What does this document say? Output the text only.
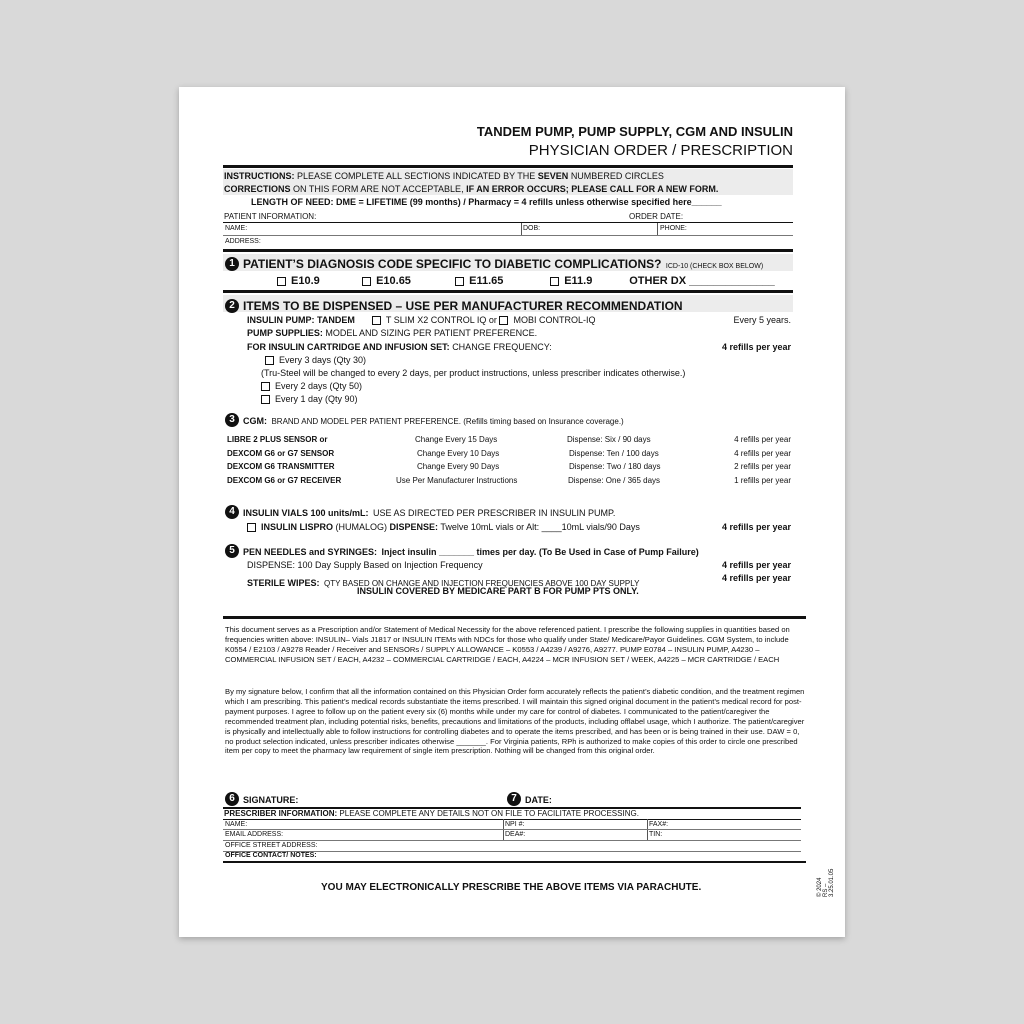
TANDEM PUMP, PUMP SUPPLY, CGM AND INSULIN
PHYSICIAN ORDER / PRESCRIPTION
INSTRUCTIONS: PLEASE COMPLETE ALL SECTIONS INDICATED BY THE SEVEN NUMBERED CIRCLES
CORRECTIONS ON THIS FORM ARE NOT ACCEPTABLE, IF AN ERROR OCCURS; PLEASE CALL FOR A NEW FORM.
LENGTH OF NEED: DME = LIFETIME (99 months) / Pharmacy = 4 refills unless otherwise specified here______
PATIENT INFORMATION:	ORDER DATE:
NAME:	DOB:	PHONE:
ADDRESS:
1 PATIENT’S DIAGNOSIS CODE SPECIFIC TO DIABETIC COMPLICATIONS? ICD-10 (CHECK BOX BELOW)
E10.9	E10.65	E11.65	E11.9	OTHER DX ______________
2 ITEMS TO BE DISPENSED – USE PER MANUFACTURER RECOMMENDATION
INSULIN PUMP: TANDEM	T SLIM X2 CONTROL IQ or MOBI CONTROL-IQ	Every 5 years.
PUMP SUPPLIES: MODEL AND SIZING PER PATIENT PREFERENCE.
FOR INSULIN CARTRIDGE AND INFUSION SET: CHANGE FREQUENCY:	4 refills per year
Every 3 days (Qty 30)
(Tru-Steel will be changed to every 2 days, per product instructions, unless prescriber indicates otherwise.)
Every 2 days (Qty 50)
Every 1 day (Qty 90)
3 CGM: BRAND AND MODEL PER PATIENT PREFERENCE. (Refills timing based on Insurance coverage.)
LIBRE 2 PLUS SENSOR or	Change Every 15 Days	Dispense: Six / 90 days	4 refills per year
DEXCOM G6 or G7 SENSOR	Change Every 10 Days	Dispense: Ten / 100 days	4 refills per year
DEXCOM G6 TRANSMITTER	Change Every 90 Days	Dispense: Two / 180 days	2 refills per year
DEXCOM G6 or G7 RECEIVER	Use Per Manufacturer Instructions	Dispense: One / 365 days	1 refills per year
4 INSULIN VIALS 100 units/mL: USE AS DIRECTED PER PRESCRIBER IN INSULIN PUMP.
INSULIN LISPRO (HUMALOG) DISPENSE: Twelve 10mL vials or Alt: ____10mL vials/90 Days	4 refills per year
5 PEN NEEDLES and SYRINGES: Inject insulin _______ times per day. (To Be Used in Case of Pump Failure)
DISPENSE: 100 Day Supply Based on Injection Frequency	4 refills per year
STERILE WIPES: QTY BASED ON CHANGE AND INJECTION FREQUENCIES ABOVE 100 DAY SUPPLY
4 refills per year
INSULIN COVERED BY MEDICARE PART B FOR PUMP PTS ONLY.
This document serves as a Prescription and/or Statement of Medical Necessity for the above referenced patient. I prescribe the following supplies in quantities based on frequencies written above: INSULIN– Vials J1817 or INSULIN ITEMs with NDCs for those who qualify under State/ Medicare/Payor Guidelines. CGM System, to include K0554 / E2103 / A9278 Reader / Receiver and SENSORs / SUPPLY ALLOWANCE – K0553 / A4239 / A9276, A9277. PUMP E0784 – INSULIN PUMP, A4230 – COMMERCIAL INFUSION SET / EACH, A4232 – COMMERCIAL CARTRIDGE / EACH, A4224 – MCR INFUSION SET / WEEK, A4225 – MCR CARTRIDGE / EACH
By my signature below, I confirm that all the information contained on this Physician Order form accurately reflects the patient’s diabetic condition, and the treatment regimen which I am prescribing. This patient’s medical records substantiate the items prescribed. I will maintain this signed original document in the patient’s medical record for post-payment purposes. I agree to follow up on the patient every six (6) months while under my care for control of diabetes. I communicated to the patient/caregiver the recommended treatment plan, including potential risks, benefits, precautions and limitations of the products, including offlabel usage, which I authorize. The patient/caregiver is physically and intellectually able to follow instructions for controlling diabetes and to operate the items prescribed, and has been or is being trained in their use. DAW = 0, no product selection indicated, unless prescriber indicates otherwise _______. For Virginia patients, RPh is authorized to make copies of this order to circle one prescribed item per copy to meet the pharmacy law requirement of single item prescription. Nothing will be changed from this original order.
6 SIGNATURE:	7 DATE:
PRESCRIBER INFORMATION: PLEASE COMPLETE ANY DETAILS NOT ON FILE TO FACILITATE PROCESSING.
NAME:	NPI #:	FAX#:
EMAIL ADDRESS:	DEA#:	TIN:
OFFICE STREET ADDRESS:
OFFICE CONTACT/ NOTES:
YOU MAY ELECTRONICALLY PRESCRIBE THE ABOVE ITEMS VIA PARACHUTE.	© 2024 RS – 3.25.01.05
